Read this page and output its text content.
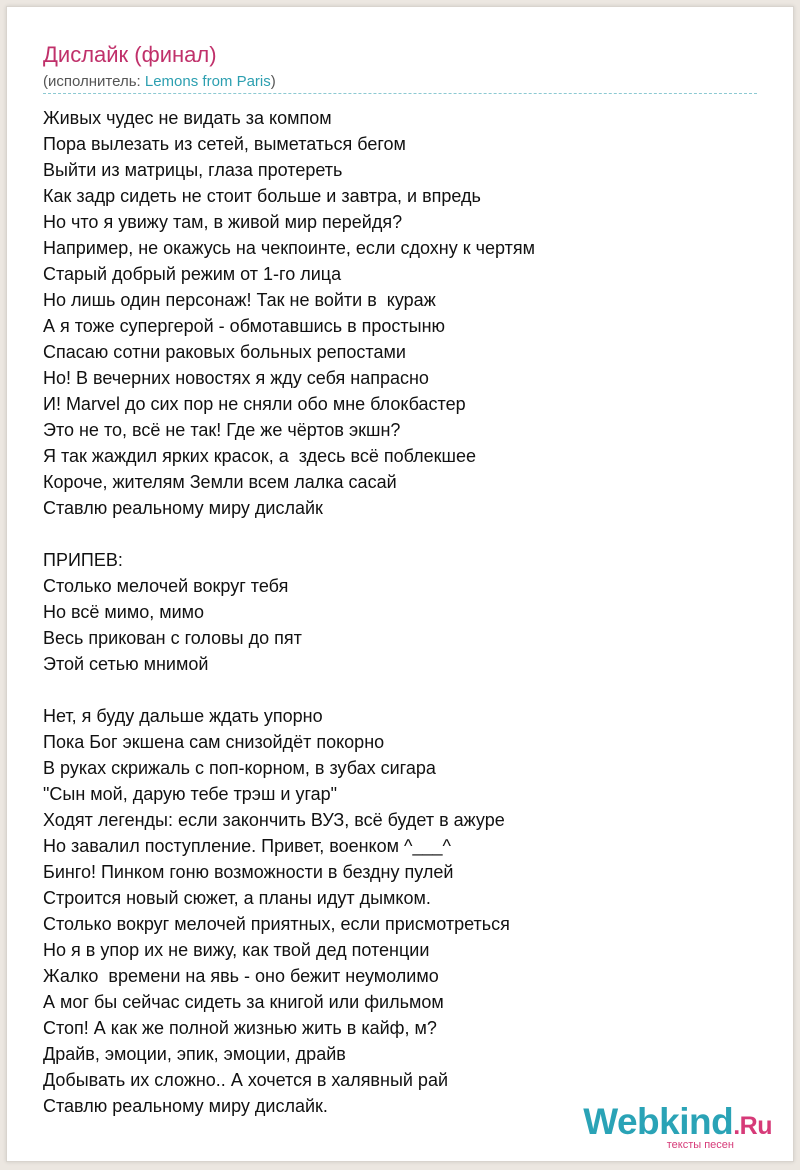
Дислайк (финал)
(исполнитель: Lemons from Paris)
Живых чудес не видать за компом
Пора вылезать из сетей, выметаться бегом
Выйти из матрицы, глаза протереть
Как задр сидеть не стоит больше и завтра, и впредь
Но что я увижу там, в живой мир перейдя?
Например, не окажусь на чекпоинте, если сдохну к чертям
Старый добрый режим от 1-го лица
Но лишь один персонаж! Так не войти в  кураж
А я тоже супергерой - обмотавшись в простыню
Спасаю сотни раковых больных репостами
Но! В вечерних новостях я жду себя напрасно
И! Marvel до сих пор не сняли обо мне блокбастер
Это не то, всё не так! Где же чёртов экшн?
Я так жаждил ярких красок, а  здесь всё поблекшее
Короче, жителям Земли всем лалка сасай
Ставлю реальному миру дислайк
ПРИПЕВ:
Столько мелочей вокруг тебя
Но всё мимо, мимо
Весь прикован с головы до пят
Этой сетью мнимой
Нет, я буду дальше ждать упорно
Пока Бог экшена сам снизойдёт покорно
В руках скрижаль с поп-корном, в зубах сигара
"Сын мой, дарую тебе трэш и угар"
Ходят легенды: если закончить ВУЗ, всё будет в ажуре
Но завалил поступление. Привет, военком ^___^
Бинго! Пинком гоню возможности в бездну пулей
Строится новый сюжет, а планы идут дымком.
Столько вокруг мелочей приятных, если присмотреться
Но я в упор их не вижу, как твой дед потенции
Жалко  времени на явь - оно бежит неумолимо
А мог бы сейчас сидеть за книгой или фильмом
Стоп! А как же полной жизнью жить в кайф, м?
Драйв, эмоции, эпик, эмоции, драйв
Добывать их сложно.. А хочется в халявный рай
Ставлю реальному миру дислайк.	Webkind.Ru
тексты песен
